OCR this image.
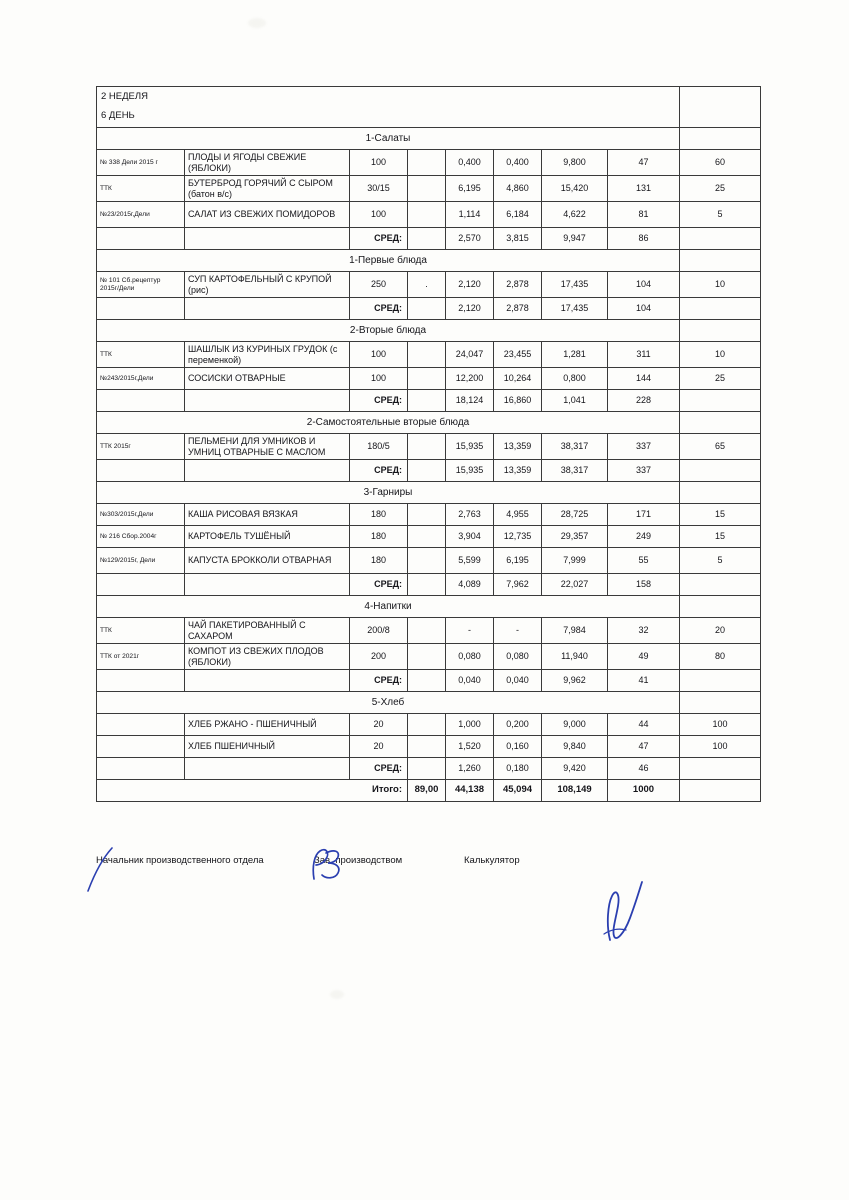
2 НЕДЕЛЯ								
6 ДЕНЬ								
1-Салаты								
№ 338 Дели 2015 г	ПЛОДЫ И ЯГОДЫ СВЕЖИЕ (ЯБЛОКИ)	100		0,400	0,400	9,800	47	60
ТТК	БУТЕРБРОД ГОРЯЧИЙ С СЫРОМ (батон в/с)	30/15		6,195	4,860	15,420	131	25
№23/2015г,Дели	САЛАТ ИЗ СВЕЖИХ ПОМИДОРОВ	100		1,114	6,184	4,622	81	5
		СРЕД:		2,570	3,815	9,947	86	
1-Первые блюда								
№ 101 Сб.рецептур 2015г/Дели	СУП КАРТОФЕЛЬНЫЙ С КРУПОЙ (рис)	250	.	2,120	2,878	17,435	104	10
		СРЕД:		2,120	2,878	17,435	104	
2-Вторые блюда								
ТТК	ШАШЛЫК ИЗ КУРИНЫХ ГРУДОК (с переменкой)	100		24,047	23,455	1,281	311	10
№243/2015г,Дели	СОСИСКИ ОТВАРНЫЕ	100		12,200	10,264	0,800	144	25
		СРЕД:		18,124	16,860	1,041	228	
2-Самостоятельные вторые блюда								
ТТК 2015г	ПЕЛЬМЕНИ ДЛЯ УМНИКОВ И УМНИЦ ОТВАРНЫЕ С МАСЛОМ	180/5		15,935	13,359	38,317	337	65
		СРЕД:		15,935	13,359	38,317	337	
3-Гарниры								
№303/2015г,Дели	КАША РИСОВАЯ ВЯЗКАЯ	180		2,763	4,955	28,725	171	15
№ 216 Сбор.2004г	КАРТОФЕЛЬ ТУШЁНЫЙ	180		3,904	12,735	29,357	249	15
№129/2015г, Дели	КАПУСТА БРОККОЛИ ОТВАРНАЯ	180		5,599	6,195	7,999	55	5
		СРЕД:		4,089	7,962	22,027	158	
4-Напитки								
ТТК	ЧАЙ ПАКЕТИРОВАННЫЙ С САХАРОМ	200/8		-	-	7,984	32	20
ТТК от 2021г	КОМПОТ ИЗ СВЕЖИХ ПЛОДОВ (ЯБЛОКИ)	200		0,080	0,080	11,940	49	80
		СРЕД:		0,040	0,040	9,962	41	
5-Хлеб								
	ХЛЕБ РЖАНО - ПШЕНИЧНЫЙ	20		1,000	0,200	9,000	44	100
	ХЛЕБ ПШЕНИЧНЫЙ	20		1,520	0,160	9,840	47	100
		СРЕД:		1,260	0,180	9,420	46	
Итого:			89,00	44,138	45,094	108,149	1000	
Начальник производственного отдела	Зав. производством	Калькулятор
